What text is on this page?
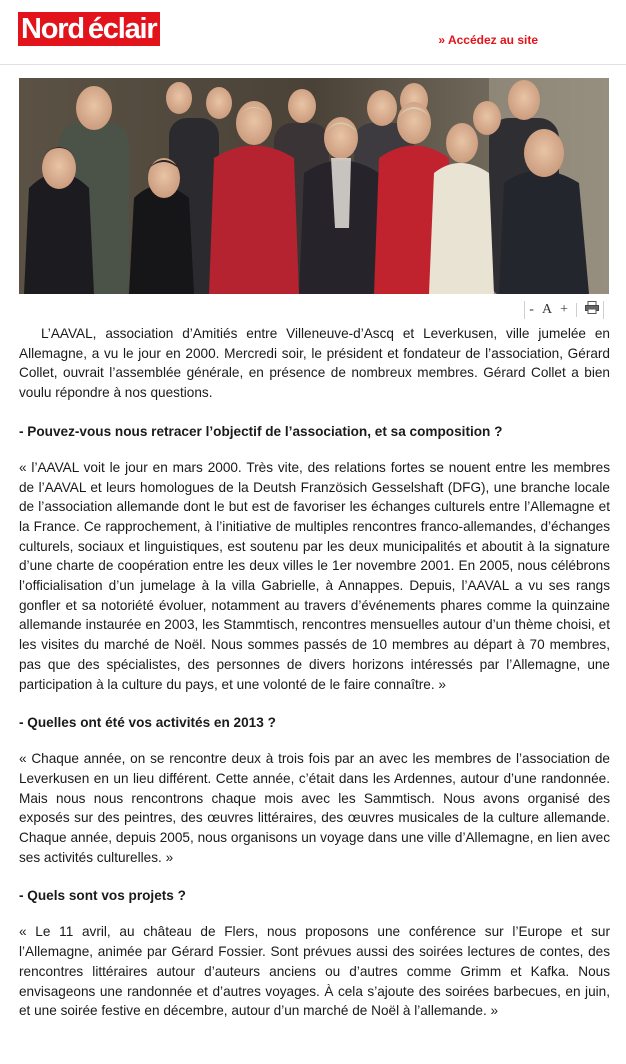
Nord éclair	» Accédez au site
- A +

L’AAVAL, association d’Amitiés entre Villeneuve-d’Ascq et Leverkusen, ville jumelée en Allemagne, a vu le jour en 2000. Mercredi soir, le président et fondateur de l’association, Gérard Collet, ouvrait l’assemblée générale, en présence de nombreux membres. Gérard Collet a bien voulu répondre à nos questions.

- Pouvez-vous nous retracer l’objectif de l’association, et sa composition ?

« l’AAVAL voit le jour en mars 2000. Très vite, des relations fortes se nouent entre les membres de l’AAVAL et leurs homologues de la Deutsh Französich Gesselshaft (DFG), une branche locale de l’association allemande dont le but est de favoriser les échanges culturels entre l’Allemagne et la France. Ce rapprochement, à l’initiative de multiples rencontres franco-allemandes, d’échanges culturels, sociaux et linguistiques, est soutenu par les deux municipalités et aboutit à la signature d’une charte de coopération entre les deux villes le 1er novembre 2001. En 2005, nous célébrons l’officialisation d’un jumelage à la villa Gabrielle, à Annappes. Depuis, l’AAVAL a vu ses rangs gonfler et sa notoriété évoluer, notamment au travers d’événements phares comme la quinzaine allemande instaurée en 2003, les Stammtisch, rencontres mensuelles autour d’un thème choisi, et les visites du marché de Noël. Nous sommes passés de 10 membres au départ à 70 membres, pas que des spécialistes, des personnes de divers horizons intéressés par l’Allemagne, une participation à la culture du pays, et une volonté de le faire connaître. »

- Quelles ont été vos activités en 2013 ?

« Chaque année, on se rencontre deux à trois fois par an avec les membres de l’association de Leverkusen en un lieu différent. Cette année, c’était dans les Ardennes, autour d’une randonnée. Mais nous nous rencontrons chaque mois avec les Sammtisch. Nous avons organisé des exposés sur des peintres, des œuvres littéraires, des œuvres musicales de la culture allemande. Chaque année, depuis 2005, nous organisons un voyage dans une ville d’Allemagne, en lien avec ses activités culturelles. »

- Quels sont vos projets ?

« Le 11 avril, au château de Flers, nous proposons une conférence sur l’Europe et sur l’Allemagne, animée par Gérard Fossier. Sont prévues aussi des soirées lectures de contes, des rencontres littéraires autour d’auteurs anciens ou d’autres comme Grimm et Kafka. Nous envisageons une randonnée et d’autres voyages. À cela s’ajoute des soirées barbecues, en juin, et une soirée festive en décembre, autour d’un marché de Noël à l’allemande. »
